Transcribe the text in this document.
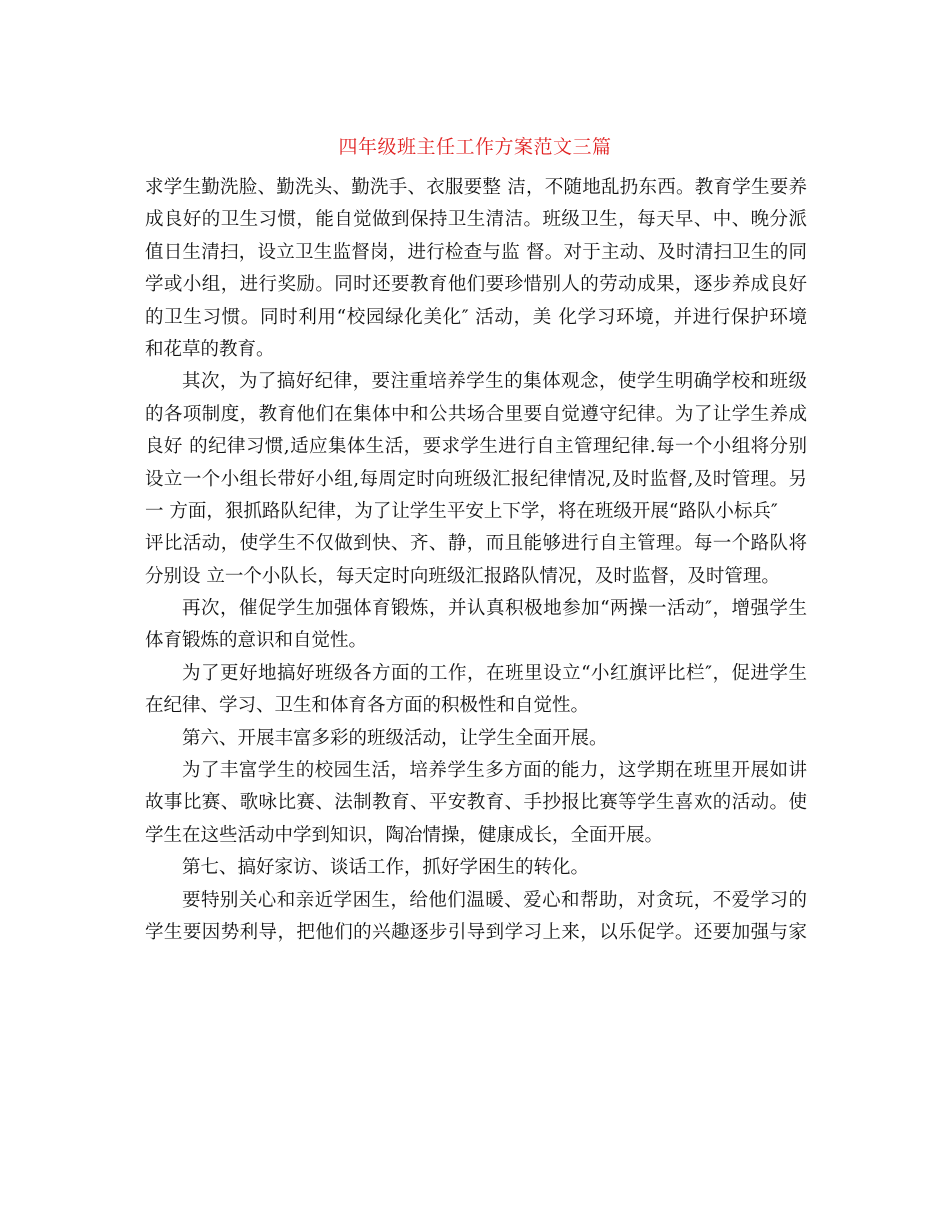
四年级班主任工作方案范文三篇
求学生勤洗脸、勤洗头、勤洗手、衣服要整 洁，不随地乱扔东西。教育学生要养
成良好的卫生习惯，能自觉做到保持卫生清洁。班级卫生，每天早、中、晚分派
值日生清扫，设立卫生监督岗，进行检查与监 督。对于主动、及时清扫卫生的同
学或小组，进行奖励。同时还要教育他们要珍惜别人的劳动成果，逐步养成良好
的卫生习惯。同时利用“校园绿化美化″ 活动，美 化学习环境，并进行保护环境
和花草的教育。
其次，为了搞好纪律，要注重培养学生的集体观念，使学生明确学校和班级
的各项制度，教育他们在集体中和公共场合里要自觉遵守纪律。为了让学生养成
良好 的纪律习惯,适应集体生活，要求学生进行自主管理纪律.每一个小组将分别
设立一个小组长带好小组,每周定时向班级汇报纪律情况,及时监督,及时管理。另
一 方面，狠抓路队纪律，为了让学生平安上下学，将在班级开展“路队小标兵″
评比活动，使学生不仅做到快、齐、静，而且能够进行自主管理。每一个路队将
分别设 立一个小队长，每天定时向班级汇报路队情况，及时监督，及时管理。
再次，催促学生加强体育锻炼，并认真积极地参加“两操一活动″，增强学生
体育锻炼的意识和自觉性。
为了更好地搞好班级各方面的工作，在班里设立“小红旗评比栏″，促进学生
在纪律、学习、卫生和体育各方面的积极性和自觉性。
第六、开展丰富多彩的班级活动，让学生全面开展。
为了丰富学生的校园生活，培养学生多方面的能力，这学期在班里开展如讲
故事比赛、歌咏比赛、法制教育、平安教育、手抄报比赛等学生喜欢的活动。使
学生在这些活动中学到知识，陶冶情操，健康成长，全面开展。
第七、搞好家访、谈话工作，抓好学困生的转化。
要特别关心和亲近学困生，给他们温暖、爱心和帮助，对贪玩，不爱学习的
学生要因势利导，把他们的兴趣逐步引导到学习上来，以乐促学。还要加强与家
